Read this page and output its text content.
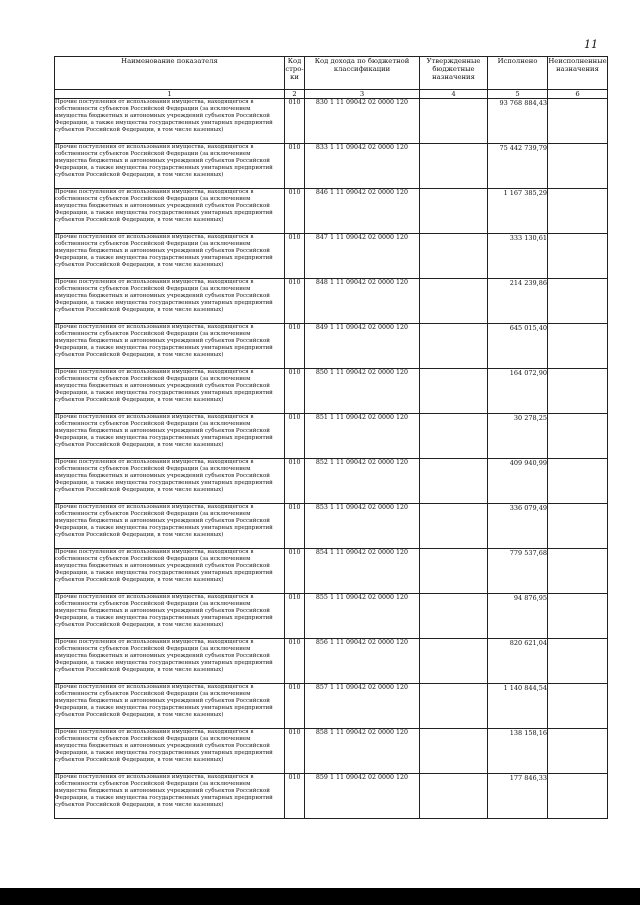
11
Наименование показателя	Код стро-ки	Код дохода по бюджетной классификации	Утвержденные бюджетные назначения	Исполнено	Неисполненные назначения
1	2	3	4	5	6
Прочие поступления от использования имущества, находящегося в собственности субъектов Российской Федерации (за исключением имущества бюджетных и автономных учреждений субъектов Российской Федерации, а также имущества государственных унитарных предприятий субъектов Российской Федерации, в том числе казенных)	010	830 1 11 09042 02 0000 120		93 768 884,43	
Прочие поступления от использования имущества, находящегося в собственности субъектов Российской Федерации (за исключением имущества бюджетных и автономных учреждений субъектов Российской Федерации, а также имущества государственных унитарных предприятий субъектов Российской Федерации, в том числе казенных)	010	833 1 11 09042 02 0000 120		75 442 739,79	
Прочие поступления от использования имущества, находящегося в собственности субъектов Российской Федерации (за исключением имущества бюджетных и автономных учреждений субъектов Российской Федерации, а также имущества государственных унитарных предприятий субъектов Российской Федерации, в том числе казенных)	010	846 1 11 09042 02 0000 120		1 167 385,29	
Прочие поступления от использования имущества, находящегося в собственности субъектов Российской Федерации (за исключением имущества бюджетных и автономных учреждений субъектов Российской Федерации, а также имущества государственных унитарных предприятий субъектов Российской Федерации, в том числе казенных)	010	847 1 11 09042 02 0000 120		333 130,61	
Прочие поступления от использования имущества, находящегося в собственности субъектов Российской Федерации (за исключением имущества бюджетных и автономных учреждений субъектов Российской Федерации, а также имущества государственных унитарных предприятий субъектов Российской Федерации, в том числе казенных)	010	848 1 11 09042 02 0000 120		214 239,86	
Прочие поступления от использования имущества, находящегося в собственности субъектов Российской Федерации (за исключением имущества бюджетных и автономных учреждений субъектов Российской Федерации, а также имущества государственных унитарных предприятий субъектов Российской Федерации, в том числе казенных)	010	849 1 11 09042 02 0000 120		645 015,40	
Прочие поступления от использования имущества, находящегося в собственности субъектов Российской Федерации (за исключением имущества бюджетных и автономных учреждений субъектов Российской Федерации, а также имущества государственных унитарных предприятий субъектов Российской Федерации, в том числе казенных)	010	850 1 11 09042 02 0000 120		164 072,90	
Прочие поступления от использования имущества, находящегося в собственности субъектов Российской Федерации (за исключением имущества бюджетных и автономных учреждений субъектов Российской Федерации, а также имущества государственных унитарных предприятий субъектов Российской Федерации, в том числе казенных)	010	851 1 11 09042 02 0000 120		30 278,25	
Прочие поступления от использования имущества, находящегося в собственности субъектов Российской Федерации (за исключением имущества бюджетных и автономных учреждений субъектов Российской Федерации, а также имущества государственных унитарных предприятий субъектов Российской Федерации, в том числе казенных)	010	852 1 11 09042 02 0000 120		409 940,99	
Прочие поступления от использования имущества, находящегося в собственности субъектов Российской Федерации (за исключением имущества бюджетных и автономных учреждений субъектов Российской Федерации, а также имущества государственных унитарных предприятий субъектов Российской Федерации, в том числе казенных)	010	853 1 11 09042 02 0000 120		336 079,49	
Прочие поступления от использования имущества, находящегося в собственности субъектов Российской Федерации (за исключением имущества бюджетных и автономных учреждений субъектов Российской Федерации, а также имущества государственных унитарных предприятий субъектов Российской Федерации, в том числе казенных)	010	854 1 11 09042 02 0000 120		779 537,68	
Прочие поступления от использования имущества, находящегося в собственности субъектов Российской Федерации (за исключением имущества бюджетных и автономных учреждений субъектов Российской Федерации, а также имущества государственных унитарных предприятий субъектов Российской Федерации, в том числе казенных)	010	855 1 11 09042 02 0000 120		94 876,95	
Прочие поступления от использования имущества, находящегося в собственности субъектов Российской Федерации (за исключением имущества бюджетных и автономных учреждений субъектов Российской Федерации, а также имущества государственных унитарных предприятий субъектов Российской Федерации, в том числе казенных)	010	856 1 11 09042 02 0000 120		820 621,04	
Прочие поступления от использования имущества, находящегося в собственности субъектов Российской Федерации (за исключением имущества бюджетных и автономных учреждений субъектов Российской Федерации, а также имущества государственных унитарных предприятий субъектов Российской Федерации, в том числе казенных)	010	857 1 11 09042 02 0000 120		1 140 844,54	
Прочие поступления от использования имущества, находящегося в собственности субъектов Российской Федерации (за исключением имущества бюджетных и автономных учреждений субъектов Российской Федерации, а также имущества государственных унитарных предприятий субъектов Российской Федерации, в том числе казенных)	010	858 1 11 09042 02 0000 120		138 158,16	
Прочие поступления от использования имущества, находящегося в собственности субъектов Российской Федерации (за исключением имущества бюджетных и автономных учреждений субъектов Российской Федерации, а также имущества государственных унитарных предприятий субъектов Российской Федерации, в том числе казенных)	010	859 1 11 09042 02 0000 120		177 846,33	
